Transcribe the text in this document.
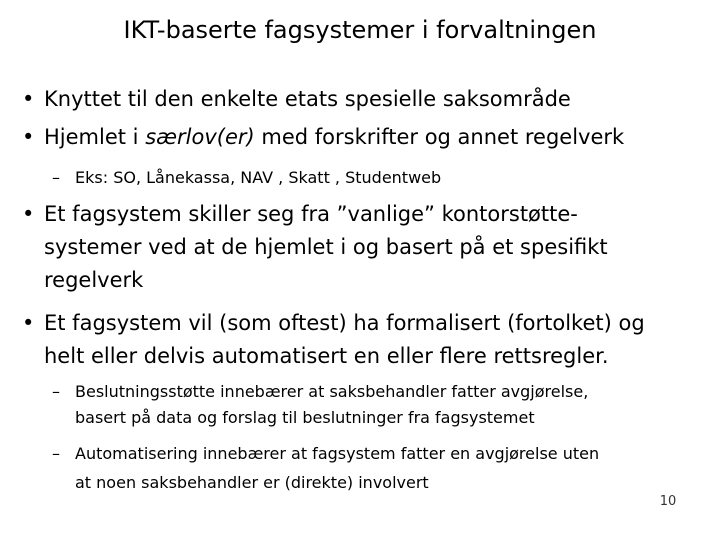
IKT-baserte fagsystemer i forvaltningen
• Knyttet til den enkelte etats spesielle saksområde
• Hjemlet i særlov(er) med forskrifter og annet regelverk
– Eks: SO, Lånekassa, NAV , Skatt , Studentweb
• Et fagsystem skiller seg fra ”vanlige” kontorstøtte-
systemer ved at de hjemlet i og basert på et spesifikt
regelverk
• Et fagsystem vil (som oftest) ha formalisert (fortolket) og
helt eller delvis automatisert en eller flere rettsregler.
– Beslutningsstøtte innebærer at saksbehandler fatter avgjørelse,
basert på data og forslag til beslutninger fra fagsystemet
– Automatisering innebærer at fagsystem fatter en avgjørelse uten
at noen saksbehandler er (direkte) involvert
10
